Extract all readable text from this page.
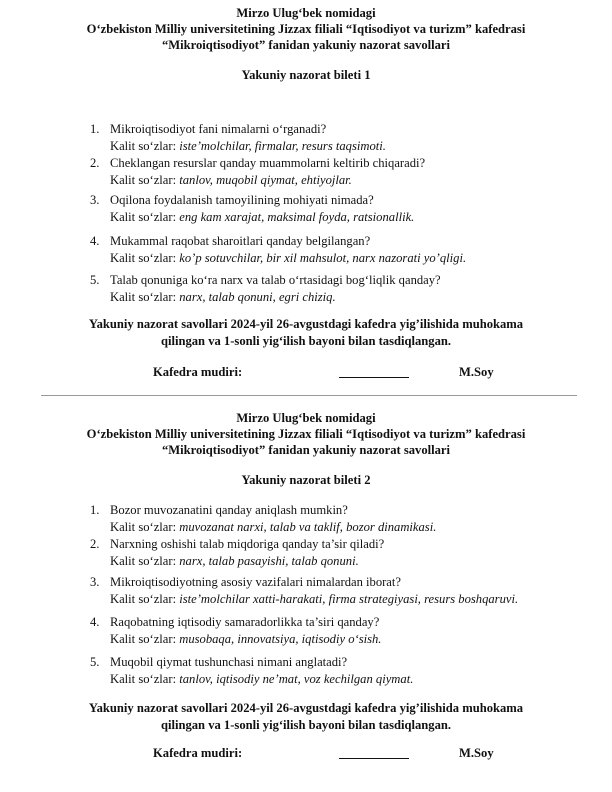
Mirzo Ulug‘bek nomidagi
O‘zbekiston Milliy universitetining Jizzax filiali “Iqtisodiyot va turizm” kafedrasi
“Mikroiqtisodiyot” fanidan yakuniy nazorat savollari
Yakuniy nazorat bileti 1
1. Mikroiqtisodiyot fani nimalarni o‘rganadi?
Kalit so‘zlar: iste’molchilar, firmalar, resurs taqsimoti.
2. Cheklangan resurslar qanday muammolarni keltirib chiqaradi?
Kalit so‘zlar: tanlov, muqobil qiymat, ehtiyojlar.
3. Oqilona foydalanish tamoyilining mohiyati nimada?
Kalit so‘zlar: eng kam xarajat, maksimal foyda, ratsionallik.
4. Mukammal raqobat sharoitlari qanday belgilangan?
Kalit so‘zlar: ko’p sotuvchilar, bir xil mahsulot, narx nazorati yo’qligi.
5. Talab qonuniga ko‘ra narx va talab o‘rtasidagi bog‘liqlik qanday?
Kalit so‘zlar: narx, talab qonuni, egri chiziq.
Yakuniy nazorat savollari 2024-yil 26-avgustdagi kafedra yig’ilishida muhokama
qilingan va 1-sonli yig‘ilish bayoni bilan tasdiqlangan.
Kafedra mudiri:	M.Soy
Mirzo Ulug‘bek nomidagi
O‘zbekiston Milliy universitetining Jizzax filiali “Iqtisodiyot va turizm” kafedrasi
“Mikroiqtisodiyot” fanidan yakuniy nazorat savollari
Yakuniy nazorat bileti 2
1. Bozor muvozanatini qanday aniqlash mumkin?
Kalit so‘zlar: muvozanat narxi, talab va taklif, bozor dinamikasi.
2. Narxning oshishi talab miqdoriga qanday ta’sir qiladi?
Kalit so‘zlar: narx, talab pasayishi, talab qonuni.
3. Mikroiqtisodiyotning asosiy vazifalari nimalardan iborat?
Kalit so‘zlar: iste’molchilar xatti-harakati, firma strategiyasi, resurs boshqaruvi.
4. Raqobatning iqtisodiy samaradorlikka ta’siri qanday?
Kalit so‘zlar: musobaqa, innovatsiya, iqtisodiy o‘sish.
5. Muqobil qiymat tushunchasi nimani anglatadi?
Kalit so‘zlar: tanlov, iqtisodiy ne’mat, voz kechilgan qiymat.
Yakuniy nazorat savollari 2024-yil 26-avgustdagi kafedra yig’ilishida muhokama
qilingan va 1-sonli yig‘ilish bayoni bilan tasdiqlangan.
Kafedra mudiri:	M.Soy
